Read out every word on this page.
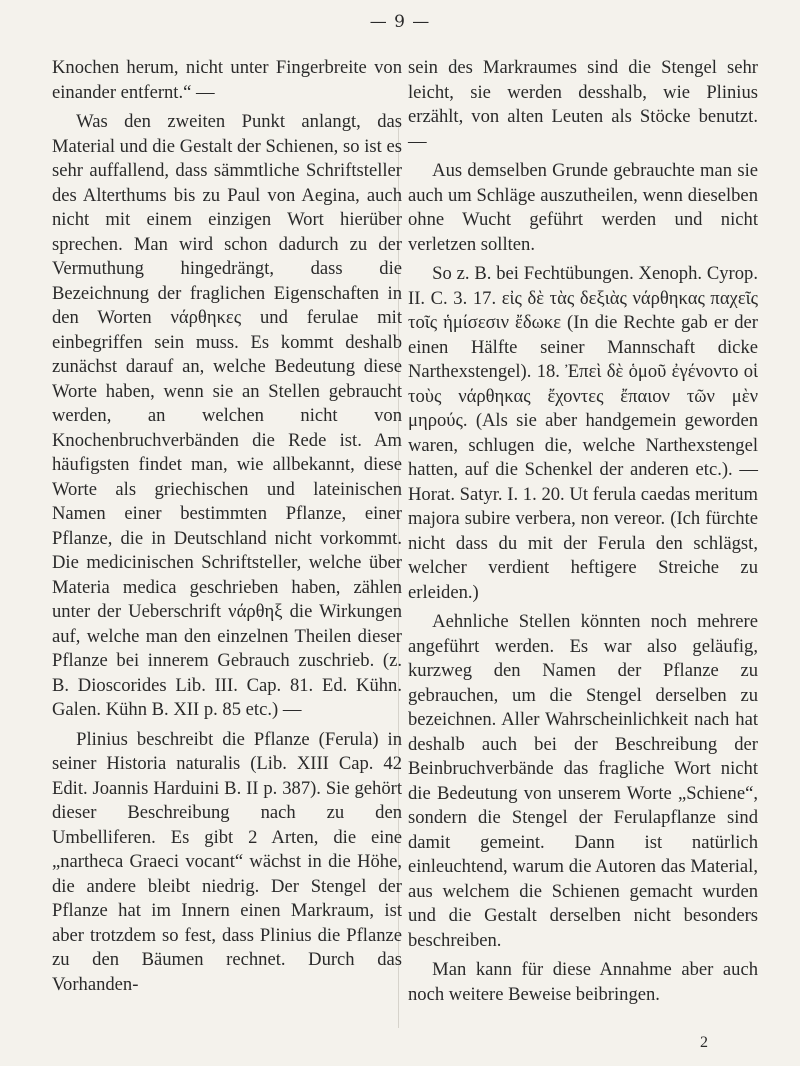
— 9 —

Knochen herum, nicht unter Fingerbreite von einander entfernt.“ —

Was den zweiten Punkt anlangt, das Material und die Gestalt der Schienen, so ist es sehr auffallend, dass sämmtliche Schriftsteller des Alterthums bis zu Paul von Aegina, auch nicht mit einem einzigen Wort hierüber sprechen. Man wird schon dadurch zu der Vermuthung hingedrängt, dass die Bezeichnung der fraglichen Eigenschaften in den Worten νάρθηκες und ferulae mit einbegriffen sein muss. Es kommt deshalb zunächst darauf an, welche Bedeutung diese Worte haben, wenn sie an Stellen gebraucht werden, an welchen nicht von Knochenbruchverbänden die Rede ist. Am häufigsten findet man, wie allbekannt, diese Worte als griechischen und lateinischen Namen einer bestimmten Pflanze, einer Pflanze, die in Deutschland nicht vorkommt. Die medicinischen Schriftsteller, welche über Materia medica geschrieben haben, zählen unter der Ueberschrift νάρθηξ die Wirkungen auf, welche man den einzelnen Theilen dieser Pflanze bei innerem Gebrauch zuschrieb. (z. B. Dioscorides Lib. III. Cap. 81. Ed. Kühn. Galen. Kühn B. XII p. 85 etc.) —

Plinius beschreibt die Pflanze (Ferula) in seiner Historia naturalis (Lib. XIII Cap. 42 Edit. Joannis Harduini B. II p. 387). Sie gehört dieser Beschreibung nach zu den Umbelliferen. Es gibt 2 Arten, die eine „narthecа Graeci vocant“ wächst in die Höhe, die andere bleibt niedrig. Der Stengel der Pflanze hat im Innern einen Markraum, ist aber trotzdem so fest, dass Plinius die Pflanze zu den Bäumen rechnet. Durch das Vorhanden-

sein des Markraumes sind die Stengel sehr leicht, sie werden desshalb, wie Plinius erzählt, von alten Leuten als Stöcke benutzt. —

Aus demselben Grunde gebrauchte man sie auch um Schläge auszutheilen, wenn dieselben ohne Wucht geführt werden und nicht verletzen sollten.

So z. B. bei Fechtübungen. Xenoph. Cyrop. II. C. 3. 17. εἰς δὲ τὰς δεξιὰς νάρθηκας παχεῖς τοῖς ἡμίσεσιν ἔδωκε (In die Rechte gab er der einen Hälfte seiner Mannschaft dicke Narthexstengel). 18. Ἐπεὶ δὲ ὁμοῦ ἐγένοντο οἱ τοὺς νάρθηκας ἔχοντες ἔπαιον τῶν μὲν μηρούς. (Als sie aber handgemein geworden waren, schlugen die, welche Narthexstengel hatten, auf die Schenkel der anderen etc.). — Horat. Satyr. I. 1. 20. Ut ferula caedas meritum majora subire verbera, non vereor. (Ich fürchte nicht dass du mit der Ferula den schlägst, welcher verdient heftigere Streiche zu erleiden.)

Aehnliche Stellen könnten noch mehrere angeführt werden. Es war also geläufig, kurzweg den Namen der Pflanze zu gebrauchen, um die Stengel derselben zu bezeichnen. Aller Wahrscheinlichkeit nach hat deshalb auch bei der Beschreibung der Beinbruchverbände das fragliche Wort nicht die Bedeutung von unserem Worte „Schiene“, sondern die Stengel der Ferulapflanze sind damit gemeint. Dann ist natürlich einleuchtend, warum die Autoren das Material, aus welchem die Schienen gemacht wurden und die Gestalt derselben nicht besonders beschreiben.

Man kann für diese Annahme aber auch noch weitere Beweise beibringen.

2
